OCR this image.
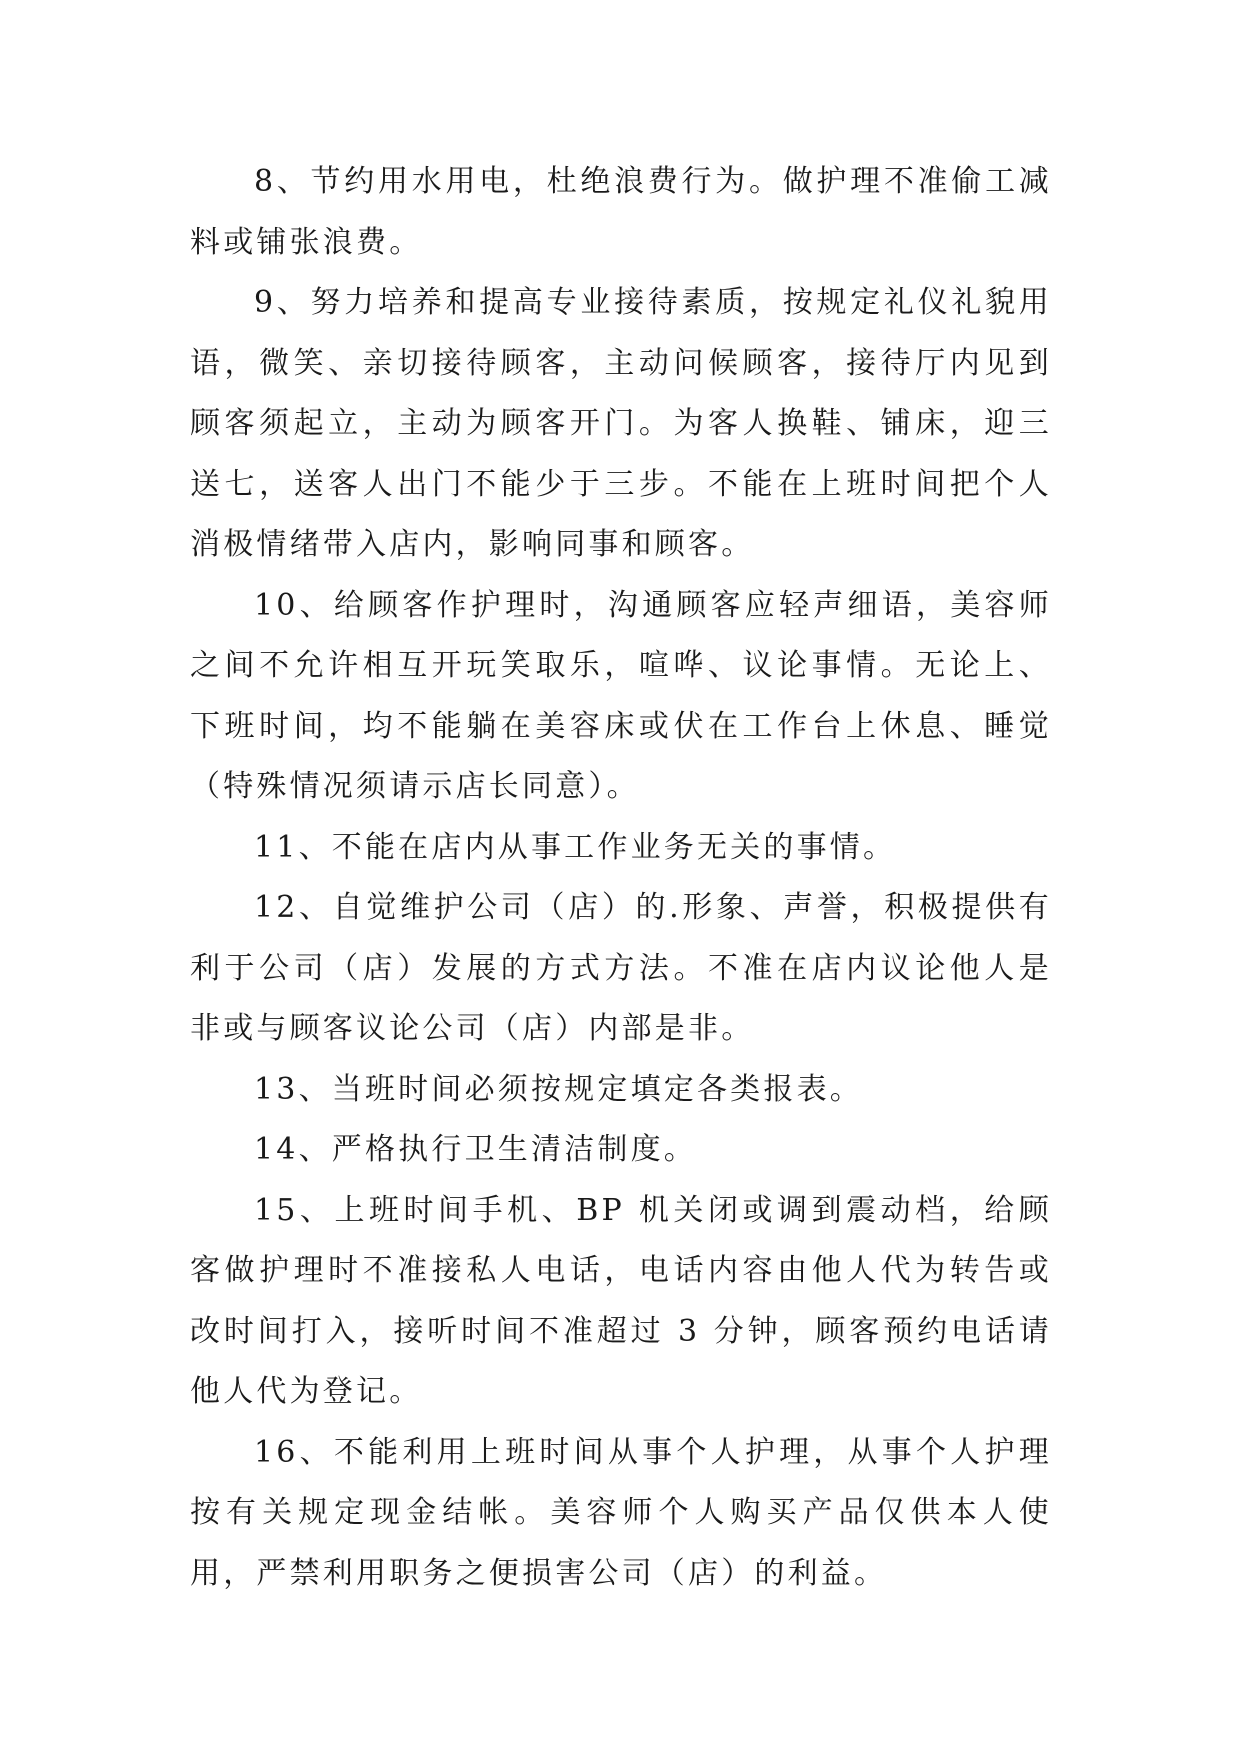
8、节约用水用电，杜绝浪费行为。做护理不准偷工减料或铺张浪费。

9、努力培养和提高专业接待素质，按规定礼仪礼貌用语，微笑、亲切接待顾客，主动问候顾客，接待厅内见到顾客须起立，主动为顾客开门。为客人换鞋、铺床，迎三送七，送客人出门不能少于三步。不能在上班时间把个人消极情绪带入店内，影响同事和顾客。

10、给顾客作护理时，沟通顾客应轻声细语，美容师之间不允许相互开玩笑取乐，喧哗、议论事情。无论上、下班时间，均不能躺在美容床或伏在工作台上休息、睡觉（特殊情况须请示店长同意）。

11、不能在店内从事工作业务无关的事情。

12、自觉维护公司（店）的.形象、声誉，积极提供有利于公司（店）发展的方式方法。不准在店内议论他人是非或与顾客议论公司（店）内部是非。

13、当班时间必须按规定填定各类报表。

14、严格执行卫生清洁制度。

15、上班时间手机、BP 机关闭或调到震动档，给顾客做护理时不准接私人电话，电话内容由他人代为转告或改时间打入，接听时间不准超过 3 分钟，顾客预约电话请他人代为登记。

16、不能利用上班时间从事个人护理，从事个人护理按有关规定现金结帐。美容师个人购买产品仅供本人使用，严禁利用职务之便损害公司（店）的利益。
